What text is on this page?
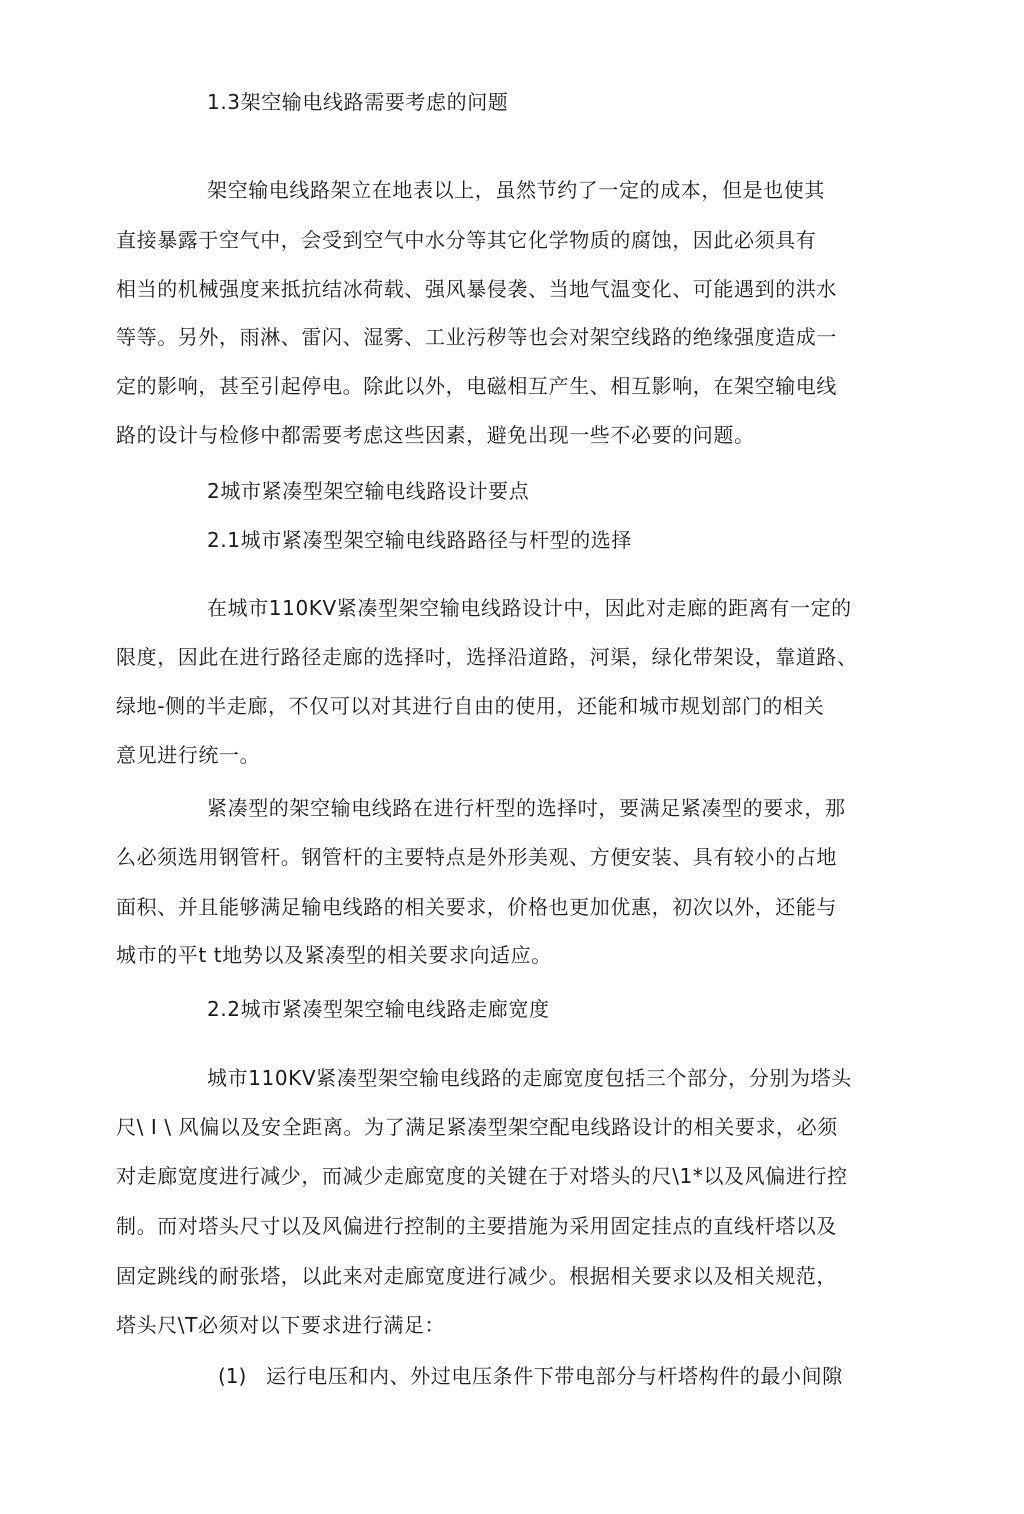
1.3架空输电线路需要考虑的问题
架空输电线路架立在地表以上，虽然节约了一定的成本，但是也使其
直接暴露于空气中，会受到空气中水分等其它化学物质的腐蚀，因此必须具有
相当的机械强度来抵抗结冰荷载、强风暴侵袭、当地气温变化、可能遇到的洪水
等等。另外，雨淋、雷闪、湿雾、工业污秽等也会对架空线路的绝缘强度造成一
定的影响，甚至引起停电。除此以外，电磁相互产生、相互影响，在架空输电线
路的设计与检修中都需要考虑这些因素，避免出现一些不必要的问题。
2城市紧凑型架空输电线路设计要点
2.1城市紧凑型架空输电线路路径与杆型的选择
在城市110KV紧凑型架空输电线路设计中，因此对走廊的距离有一定的
限度，因此在进行路径走廊的选择吋，选择沿道路，河渠，绿化带架设，靠道路、
绿地-侧的半走廊，不仅可以对其进行自由的使用，还能和城市规划部门的相关
意见进行统一。
紧凑型的架空输电线路在进行杆型的选择吋，要满足紧凑型的要求，那
么必须选用钢管杆。钢管杆的主要特点是外形美观、方便安装、具有较小的占地
面积、并且能够满足输电线路的相关要求，价格也更加优惠，初次以外，还能与
城市的平t t地势以及紧凑型的相关要求向适应。
2.2城市紧凑型架空输电线路走廊宽度
城市110KV紧凑型架空输电线路的走廊宽度包括三个部分，分别为塔头
尺\ I \ 风偏以及安全距离。为了满足紧凑型架空配电线路设计的相关要求，必须
对走廊宽度进行减少，而减少走廊宽度的关键在于对塔头的尺\1*以及风偏进行控
制。而对塔头尺寸以及风偏进行控制的主要措施为采用固定挂点的直线杆塔以及
固定跳线的耐张塔，以此来对走廊宽度进行减少。根据相关要求以及相关规范，
塔头尺\T必须对以下要求进行满足：
(1) 运行电压和内、外过电压条件下带电部分与杆塔构件的最小间隙
